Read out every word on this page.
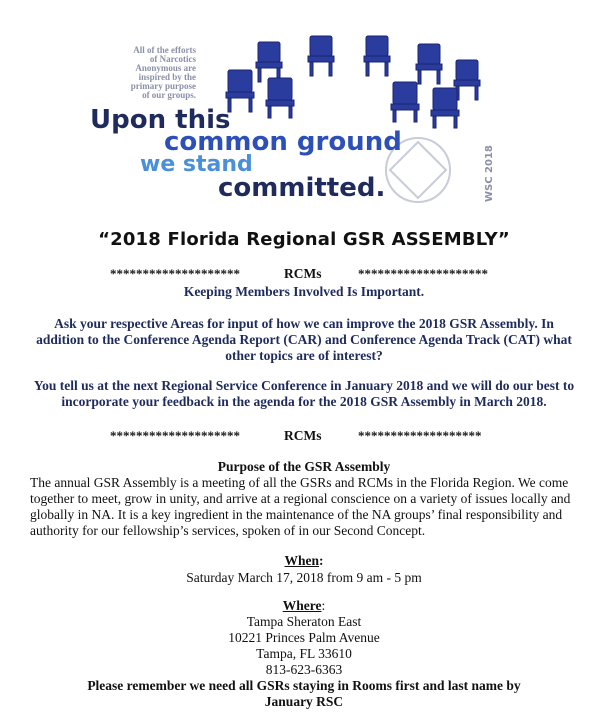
All of the efforts
of Narcotics
Anonymous are
inspired by the
primary purpose
of our groups.
Upon this
common ground
we stand
committed.	WSC 2018
“2018 Florida Regional GSR ASSEMBLY”
********************	RCMs	********************
Keeping Members Involved Is Important.
Ask your respective Areas for input of how we can improve the 2018 GSR Assembly. In addition to the Conference Agenda Report (CAR) and Conference Agenda Track (CAT) what other topics are of interest?
You tell us at the next Regional Service Conference in January 2018 and we will do our best to incorporate your feedback in the agenda for the 2018 GSR Assembly in March 2018.
********************	RCMs	*******************
Purpose of the GSR Assembly
The annual GSR Assembly is a meeting of all the GSRs and RCMs in the Florida Region. We come together to meet, grow in unity, and arrive at a regional conscience on a variety of issues locally and globally in NA. It is a key ingredient in the maintenance of the NA groups’ final responsibility and authority for our fellowship’s services, spoken of in our Second Concept.
When:
Saturday March 17, 2018 from 9 am - 5 pm
Where:
Tampa Sheraton East
10221 Princes Palm Avenue
Tampa, FL 33610
813-623-6363
Please remember we need all GSRs staying in Rooms first and last name by January RSC
